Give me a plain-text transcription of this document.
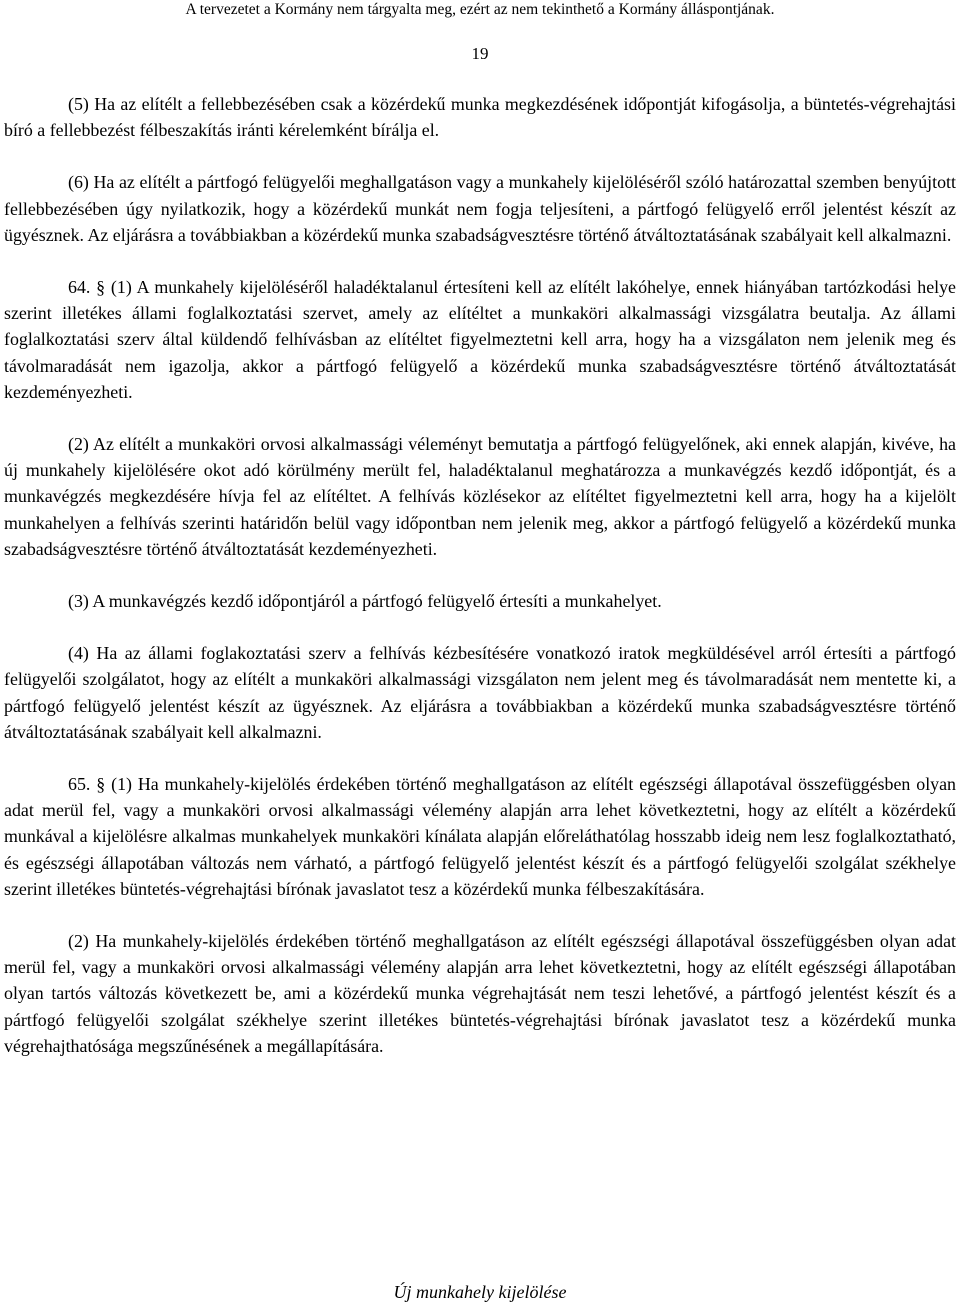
A tervezetet a Kormány nem tárgyalta meg, ezért az nem tekinthető a Kormány álláspontjának.
19

(5) Ha az elítélt a fellebbezésében csak a közérdekű munka megkezdésének időpontját kifogásolja, a büntetés-végrehajtási bíró a fellebbezést félbeszakítás iránti kérelemként bírálja el.

(6) Ha az elítélt a pártfogó felügyelői meghallgatáson vagy a munkahely kijelöléséről szóló határozattal szemben benyújtott fellebbezésében úgy nyilatkozik, hogy a közérdekű munkát nem fogja teljesíteni, a pártfogó felügyelő erről jelentést készít az ügyésznek. Az eljárásra a továbbiakban a közérdekű munka szabadságvesztésre történő átváltoztatásának szabályait kell alkalmazni.

64. § (1) A munkahely kijelöléséről haladéktalanul értesíteni kell az elítélt lakóhelye, ennek hiányában tartózkodási helye szerint illetékes állami foglalkoztatási szervet, amely az elítéltet a munkaköri alkalmassági vizsgálatra beutalja. Az állami foglalkoztatási szerv által küldendő felhívásban az elítéltet figyelmeztetni kell arra, hogy ha a vizsgálaton nem jelenik meg és távolmaradását nem igazolja, akkor a pártfogó felügyelő a közérdekű munka szabadságvesztésre történő átváltoztatását kezdeményezheti.

(2) Az elítélt a munkaköri orvosi alkalmassági véleményt bemutatja a pártfogó felügyelőnek, aki ennek alapján, kivéve, ha új munkahely kijelölésére okot adó körülmény merült fel, haladéktalanul meghatározza a munkavégzés kezdő időpontját, és a munkavégzés megkezdésére hívja fel az elítéltet. A felhívás közlésekor az elítéltet figyelmeztetni kell arra, hogy ha a kijelölt munkahelyen a felhívás szerinti határidőn belül vagy időpontban nem jelenik meg, akkor a pártfogó felügyelő a közérdekű munka szabadságvesztésre történő átváltoztatását kezdeményezheti.

(3) A munkavégzés kezdő időpontjáról a pártfogó felügyelő értesíti a munkahelyet.

(4) Ha az állami foglakoztatási szerv a felhívás kézbesítésére vonatkozó iratok megküldésével arról értesíti a pártfogó felügyelői szolgálatot, hogy az elítélt a munkaköri alkalmassági vizsgálaton nem jelent meg és távolmaradását nem mentette ki, a pártfogó felügyelő jelentést készít az ügyésznek. Az eljárásra a továbbiakban a közérdekű munka szabadságvesztésre történő átváltoztatásának szabályait kell alkalmazni.

65. § (1) Ha munkahely-kijelölés érdekében történő meghallgatáson az elítélt egészségi állapotával összefüggésben olyan adat merül fel, vagy a munkaköri orvosi alkalmassági vélemény alapján arra lehet következtetni, hogy az elítélt a közérdekű munkával a kijelölésre alkalmas munkahelyek munkaköri kínálata alapján előreláthatólag hosszabb ideig nem lesz foglalkoztatható, és egészségi állapotában változás nem várható, a pártfogó felügyelő jelentést készít és a pártfogó felügyelői szolgálat székhelye szerint illetékes büntetés-végrehajtási bírónak javaslatot tesz a közérdekű munka félbeszakítására.

(2) Ha munkahely-kijelölés érdekében történő meghallgatáson az elítélt egészségi állapotával összefüggésben olyan adat merül fel, vagy a munkaköri orvosi alkalmassági vélemény alapján arra lehet következtetni, hogy az elítélt egészségi állapotában olyan tartós változás következett be, ami a közérdekű munka végrehajtását nem teszi lehetővé, a pártfogó jelentést készít és a pártfogó felügyelői szolgálat székhelye szerint illetékes büntetés-végrehajtási bírónak javaslatot tesz a közérdekű munka végrehajthatósága megszűnésének a megállapítására.

Új munkahely kijelölése
